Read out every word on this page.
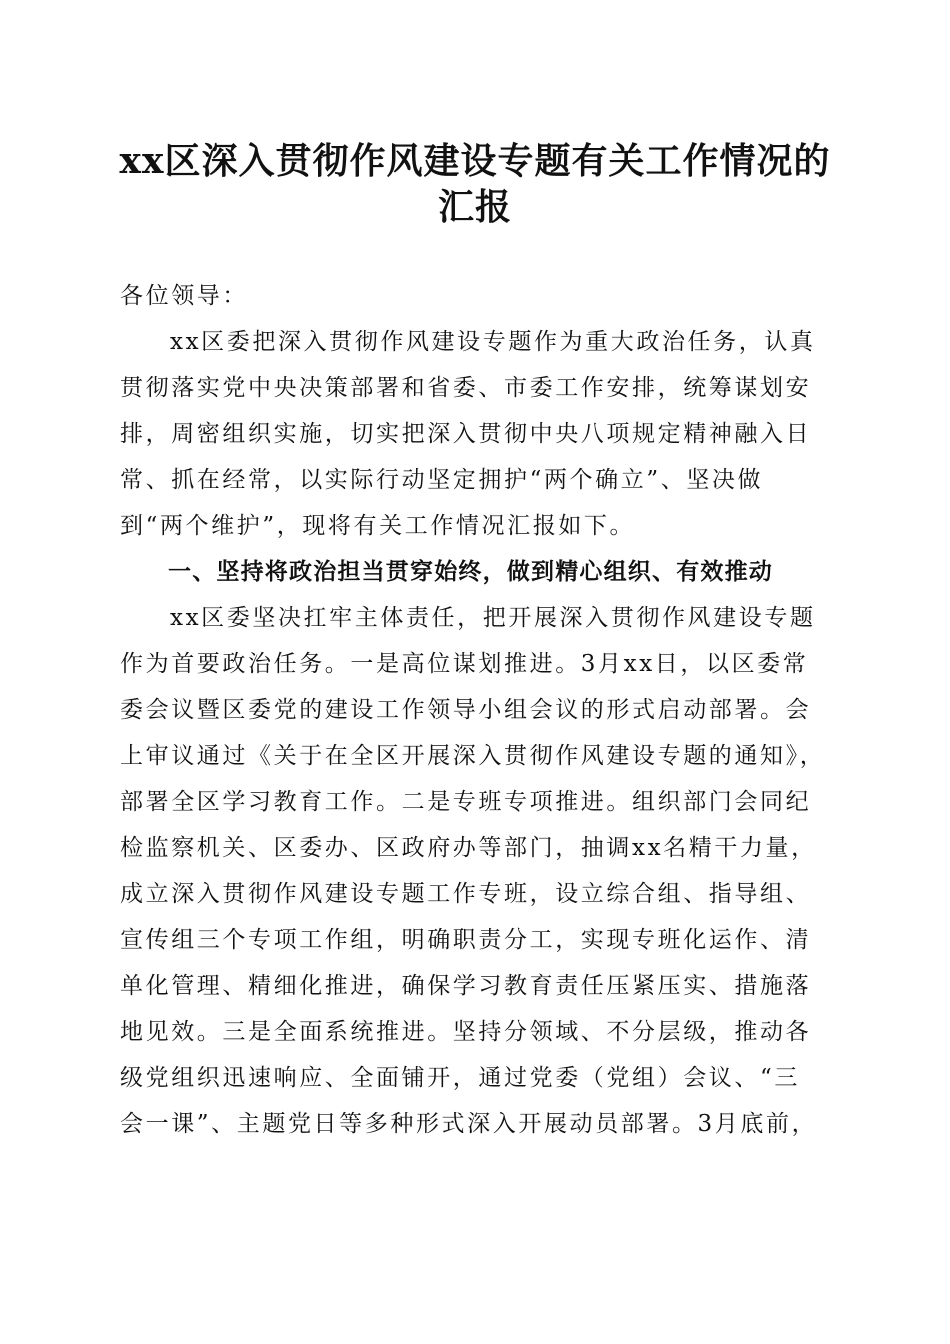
xx区深入贯彻作风建设专题有关工作情况的
汇报
各位领导：
xx区委把深入贯彻作风建设专题作为重大政治任务，认真
贯彻落实党中央决策部署和省委、市委工作安排，统筹谋划安
排，周密组织实施，切实把深入贯彻中央八项规定精神融入日
常、抓在经常，以实际行动坚定拥护“两个确立”、坚决做
到“两个维护”，现将有关工作情况汇报如下。
一、坚持将政治担当贯穿始终，做到精心组织、有效推动
xx区委坚决扛牢主体责任，把开展深入贯彻作风建设专题
作为首要政治任务。一是高位谋划推进。3月xx日，以区委常
委会议暨区委党的建设工作领导小组会议的形式启动部署。会
上审议通过《关于在全区开展深入贯彻作风建设专题的通知》，
部署全区学习教育工作。二是专班专项推进。组织部门会同纪
检监察机关、区委办、区政府办等部门，抽调xx名精干力量，
成立深入贯彻作风建设专题工作专班，设立综合组、指导组、
宣传组三个专项工作组，明确职责分工，实现专班化运作、清
单化管理、精细化推进，确保学习教育责任压紧压实、措施落
地见效。三是全面系统推进。坚持分领域、不分层级，推动各
级党组织迅速响应、全面铺开，通过党委（党组）会议、“三
会一课”、主题党日等多种形式深入开展动员部署。3月底前，
